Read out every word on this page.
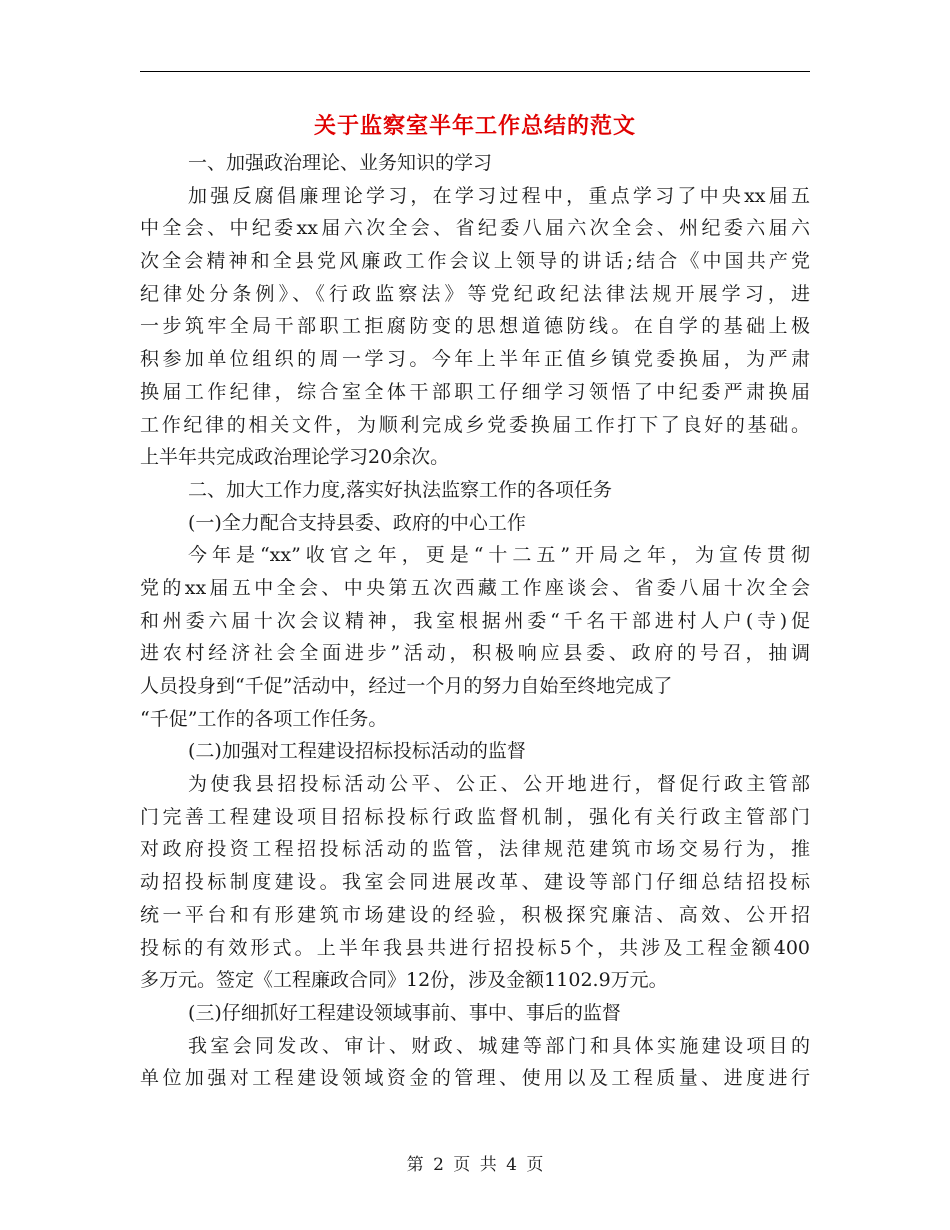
关于监察室半年工作总结的范文
一、加强政治理论、业务知识的学习
加强反腐倡廉理论学习，在学习过程中，重点学习了中央xx届五
中全会、中纪委xx届六次全会、省纪委八届六次全会、州纪委六届六
次全会精神和全县党风廉政工作会议上领导的讲话;结合《中国共产党
纪律处分条例》、《行政监察法》等党纪政纪法律法规开展学习，进
一步筑牢全局干部职工拒腐防变的思想道德防线。在自学的基础上极
积参加单位组织的周一学习。今年上半年正值乡镇党委换届，为严肃
换届工作纪律，综合室全体干部职工仔细学习领悟了中纪委严肃换届
工作纪律的相关文件，为顺利完成乡党委换届工作打下了良好的基础。
上半年共完成政治理论学习20余次。
二、加大工作力度,落实好执法监察工作的各项任务
(一)全力配合支持县委、政府的中心工作
今年是“xx”收官之年，更是“十二五”开局之年，为宣传贯彻
党的xx届五中全会、中央第五次西藏工作座谈会、省委八届十次全会
和州委六届十次会议精神，我室根据州委“千名干部进村人户(寺)促
进农村经济社会全面进步”活动，积极响应县委、政府的号召，抽调
人员投身到“千促”活动中，经过一个月的努力自始至终地完成了
“千促”工作的各项工作任务。
(二)加强对工程建设招标投标活动的监督
为使我县招投标活动公平、公正、公开地进行，督促行政主管部
门完善工程建设项目招标投标行政监督机制，强化有关行政主管部门
对政府投资工程招投标活动的监管，法律规范建筑市场交易行为，推
动招投标制度建设。我室会同进展改革、建设等部门仔细总结招投标
统一平台和有形建筑市场建设的经验，积极探究廉洁、高效、公开招
投标的有效形式。上半年我县共进行招投标5个，共涉及工程金额400
多万元。签定《工程廉政合同》12份，涉及金额1102.9万元。
(三)仔细抓好工程建设领域事前、事中、事后的监督
我室会同发改、审计、财政、城建等部门和具体实施建设项目的
单位加强对工程建设领域资金的管理、使用以及工程质量、进度进行
第 2 页 共 4 页
